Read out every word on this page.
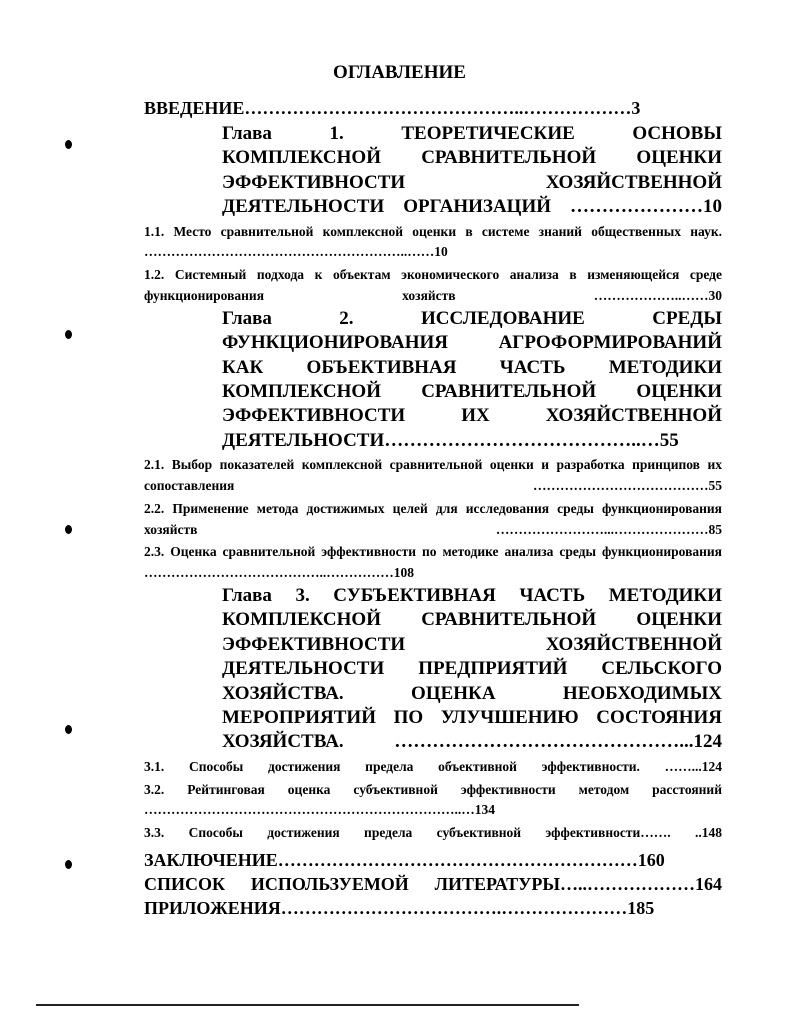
ОГЛАВЛЕНИЕ
ВВЕДЕНИЕ………………………………………..………………3
Глава 1. ТЕОРЕТИЧЕСКИЕ ОСНОВЫ КОМПЛЕКСНОЙ СРАВНИТЕЛЬНОЙ ОЦЕНКИ ЭФФЕКТИВНОСТИ ХОЗЯЙСТВЕННОЙ ДЕЯТЕЛЬНОСТИ ОРГАНИЗАЦИЙ …………………10
1.1. Место сравнительной комплексной оценки в системе знаний общественных наук. …………………………………………………..……10
1.2. Системный подхода к объектам экономического анализа в изменяющейся среде функционирования хозяйств ………………..……30
Глава 2. ИССЛЕДОВАНИЕ СРЕДЫ ФУНКЦИОНИРОВАНИЯ АГРОФОРМИРОВАНИЙ КАК ОБЪЕКТИВНАЯ ЧАСТЬ МЕТОДИКИ КОМПЛЕКСНОЙ СРАВНИТЕЛЬНОЙ ОЦЕНКИ ЭФФЕКТИВНОСТИ ИХ ХОЗЯЙСТВЕННОЙ ДЕЯТЕЛЬНОСТИ…………………………………..…55
2.1. Выбор показателей комплексной сравнительной оценки и разработка принципов их сопоставления …………………………………55
2.2. Применение метода достижимых целей для исследования среды функционирования хозяйств ……………………...…………………85
2.3. Оценка сравнительной эффективности по методике анализа среды функционирования …………………………………..……………108
Глава 3. СУБЪЕКТИВНАЯ ЧАСТЬ МЕТОДИКИ КОМПЛЕКСНОЙ СРАВНИТЕЛЬНОЙ ОЦЕНКИ ЭФФЕКТИВНОСТИ ХОЗЯЙСТВЕННОЙ ДЕЯТЕЛЬНОСТИ ПРЕДПРИЯТИЙ СЕЛЬСКОГО ХОЗЯЙСТВА. ОЦЕНКА НЕОБХОДИМЫХ МЕРОПРИЯТИЙ ПО УЛУЧШЕНИЮ СОСТОЯНИЯ ХОЗЯЙСТВА. ………………………………………...124
3.1. Способы достижения предела объективной эффективности. ……...124
3.2. Рейтинговая оценка субъективной эффективности методом расстояний ……………………………………………………………..…134
3.3. Способы достижения предела субъективной эффективности……. ..148
ЗАКЛЮЧЕНИЕ……………………………………………………160
СПИСОК ИСПОЛЬЗУЕМОЙ ЛИТЕРАТУРЫ…..………………164
ПРИЛОЖЕНИЯ……………………………….…………………185
